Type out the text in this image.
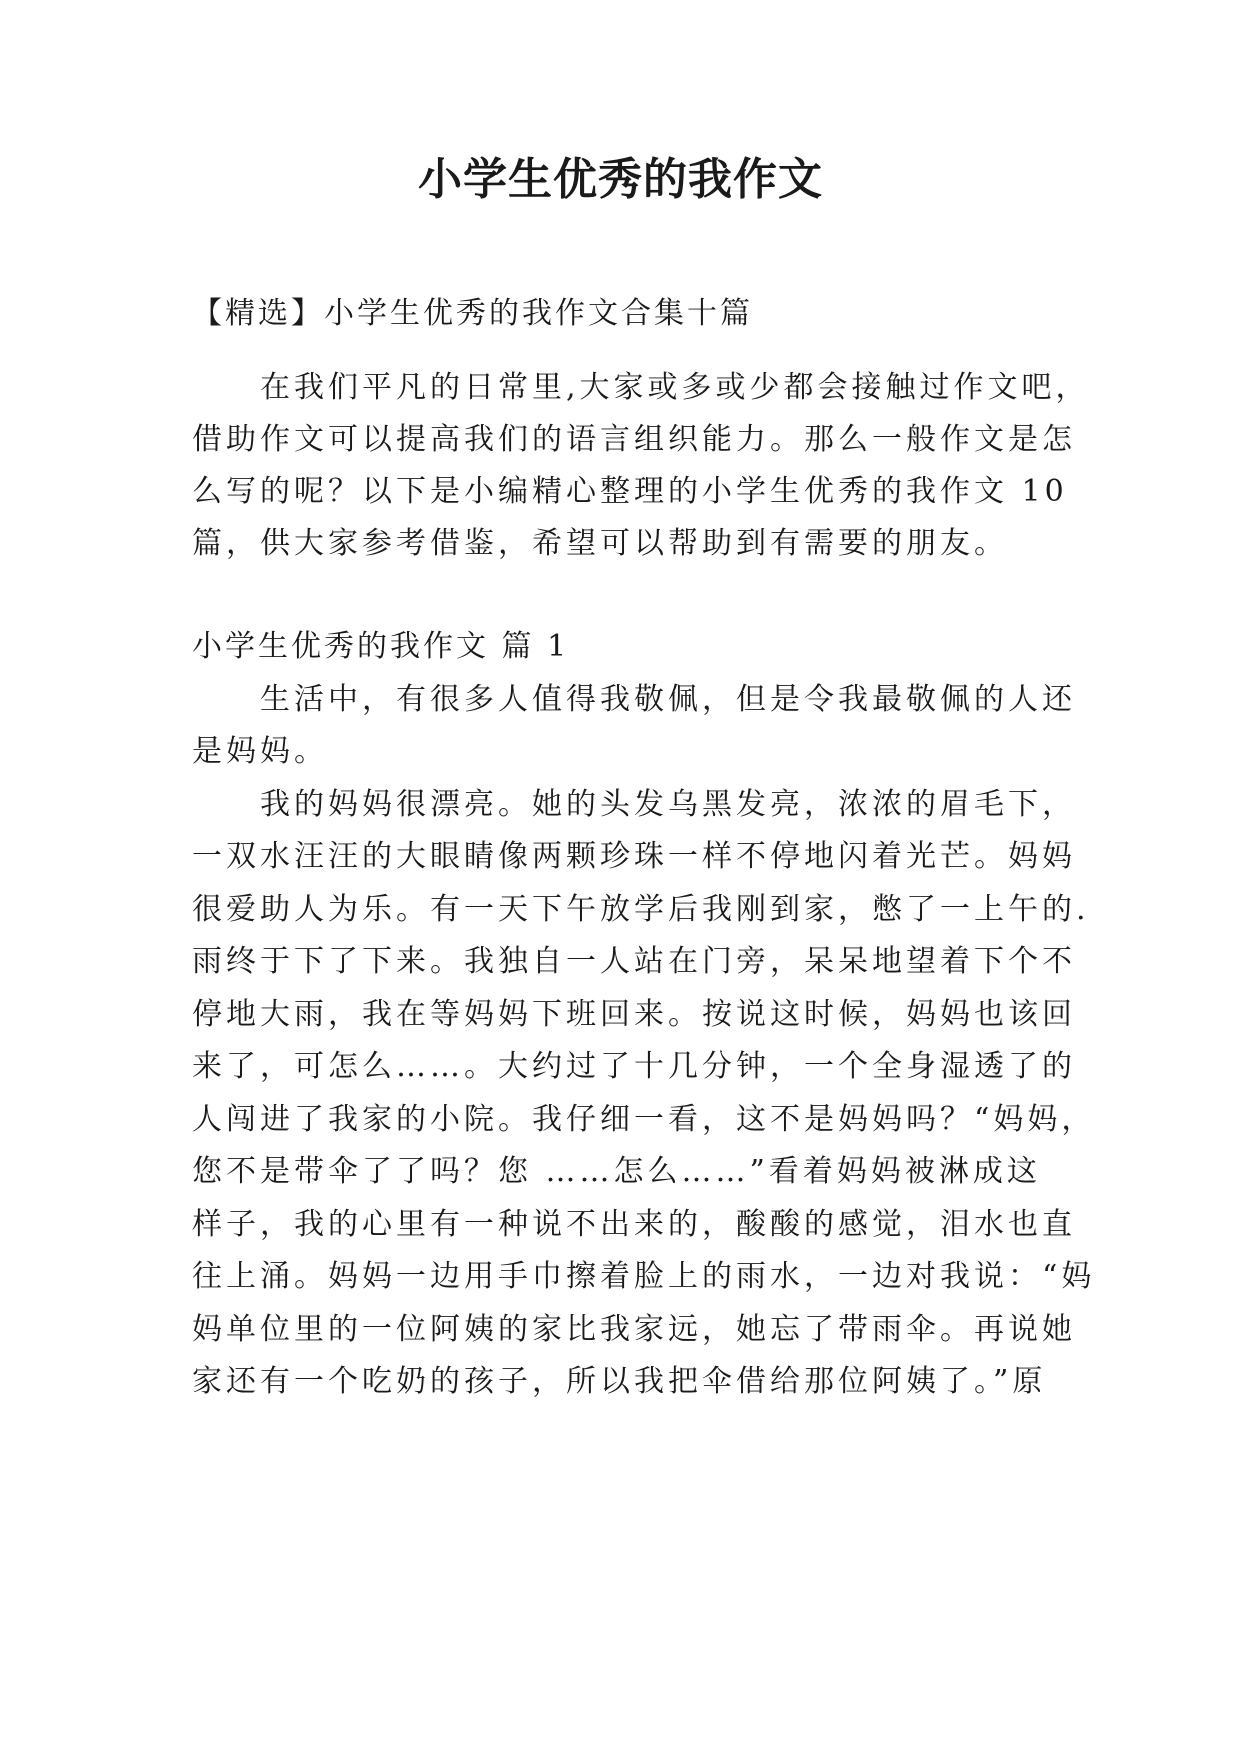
小学生优秀的我作文
【精选】小学生优秀的我作文合集十篇
　　在我们平凡的日常里,大家或多或少都会接触过作文吧，
借助作文可以提高我们的语言组织能力。那么一般作文是怎
么写的呢？以下是小编精心整理的小学生优秀的我作文 10
篇，供大家参考借鉴，希望可以帮助到有需要的朋友。
小学生优秀的我作文 篇 1
　　生活中，有很多人值得我敬佩，但是令我最敬佩的人还
是妈妈。
　　我的妈妈很漂亮。她的头发乌黑发亮，浓浓的眉毛下，
一双水汪汪的大眼睛像两颗珍珠一样不停地闪着光芒。妈妈
很爱助人为乐。有一天下午放学后我刚到家，憋了一上午的.
雨终于下了下来。我独自一人站在门旁，呆呆地望着下个不
停地大雨，我在等妈妈下班回来。按说这时候，妈妈也该回
来了，可怎么……。大约过了十几分钟，一个全身湿透了的
人闯进了我家的小院。我仔细一看，这不是妈妈吗？“妈妈，
您不是带伞了了吗？您 ……怎么……”看着妈妈被淋成这
样子，我的心里有一种说不出来的，酸酸的感觉，泪水也直
往上涌。妈妈一边用手巾擦着脸上的雨水，一边对我说：“妈
妈单位里的一位阿姨的家比我家远，她忘了带雨伞。再说她
家还有一个吃奶的孩子，所以我把伞借给那位阿姨了。”原
